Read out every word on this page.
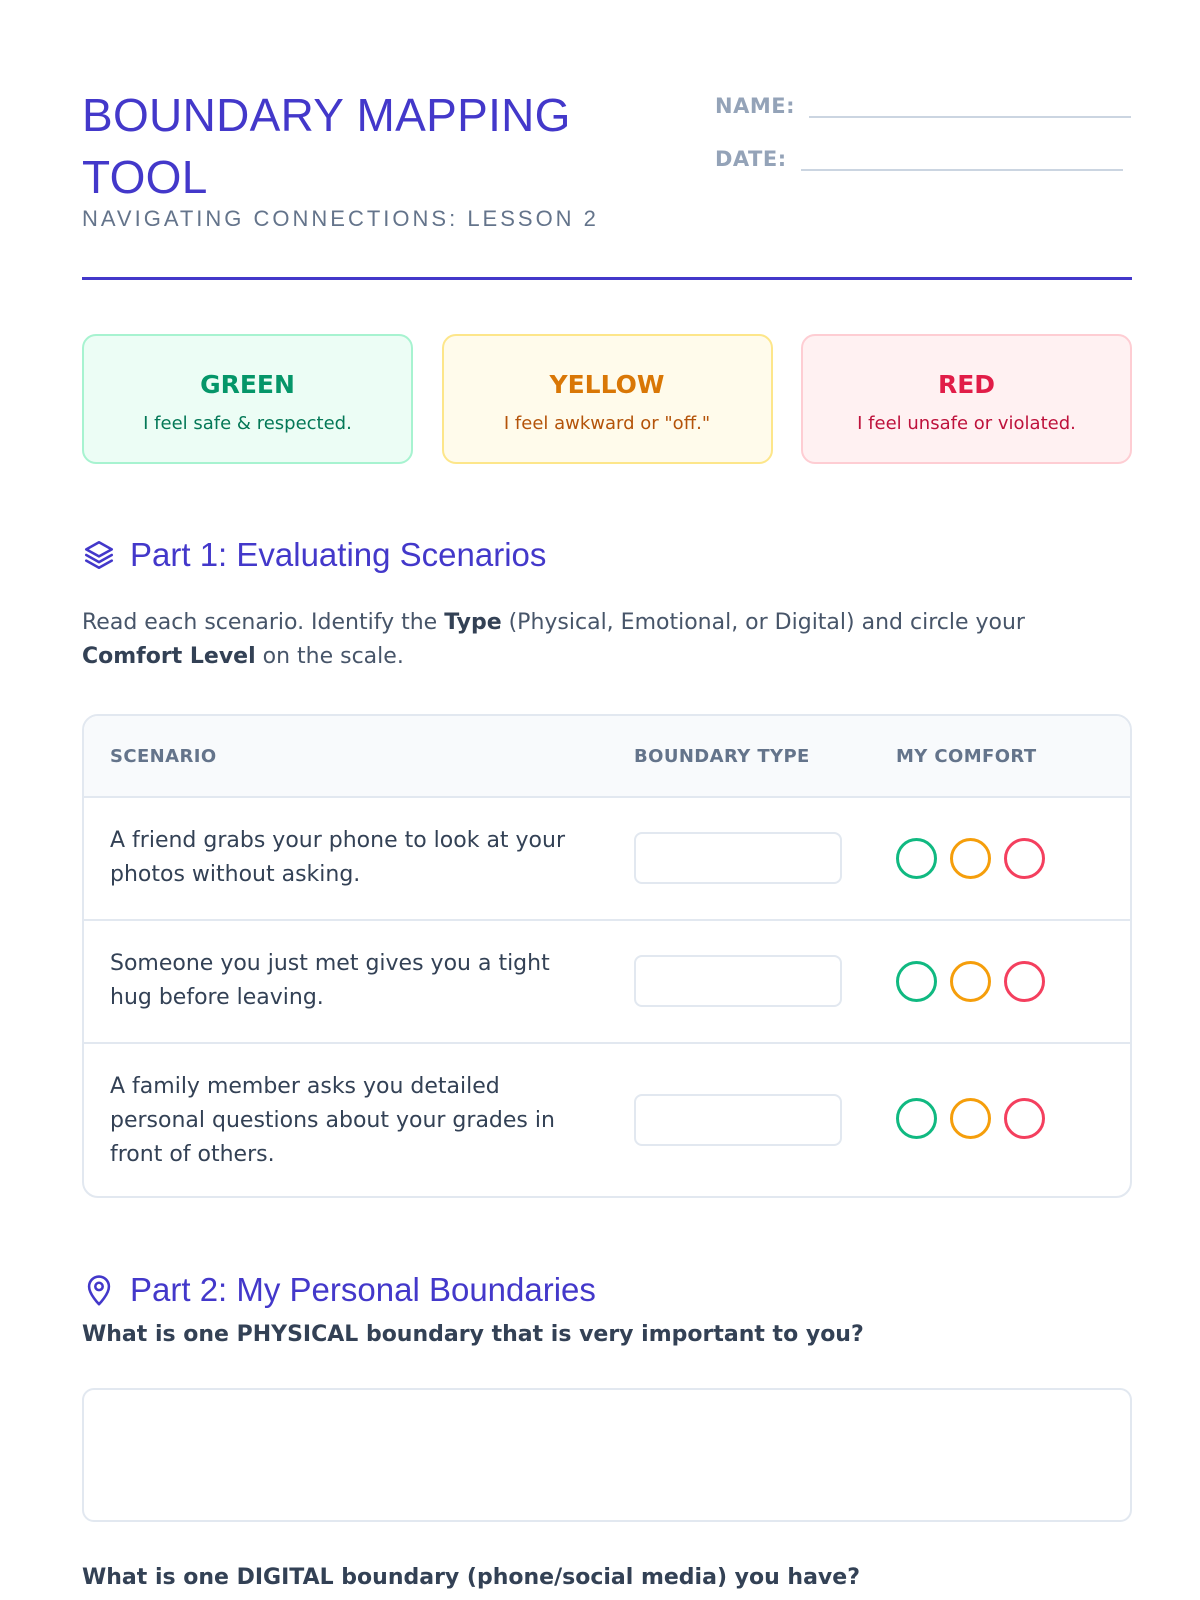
BOUNDARY MAPPING TOOL
NAVIGATING CONNECTIONS: LESSON 2
NAME:
DATE:
GREEN
I feel safe & respected.
YELLOW
I feel awkward or "off."
RED
I feel unsafe or violated.
Part 1: Evaluating Scenarios

Read each scenario. Identify the Type (Physical, Emotional, or Digital) and circle your Comfort Level on the scale.

SCENARIO	BOUNDARY TYPE	MY COMFORT
A friend grabs your phone to look at your photos without asking.
Someone you just met gives you a tight hug before leaving.
A family member asks you detailed personal questions about your grades in front of others.
Part 2: My Personal Boundaries
What is one PHYSICAL boundary that is very important to you?
What is one DIGITAL boundary (phone/social media) you have?
